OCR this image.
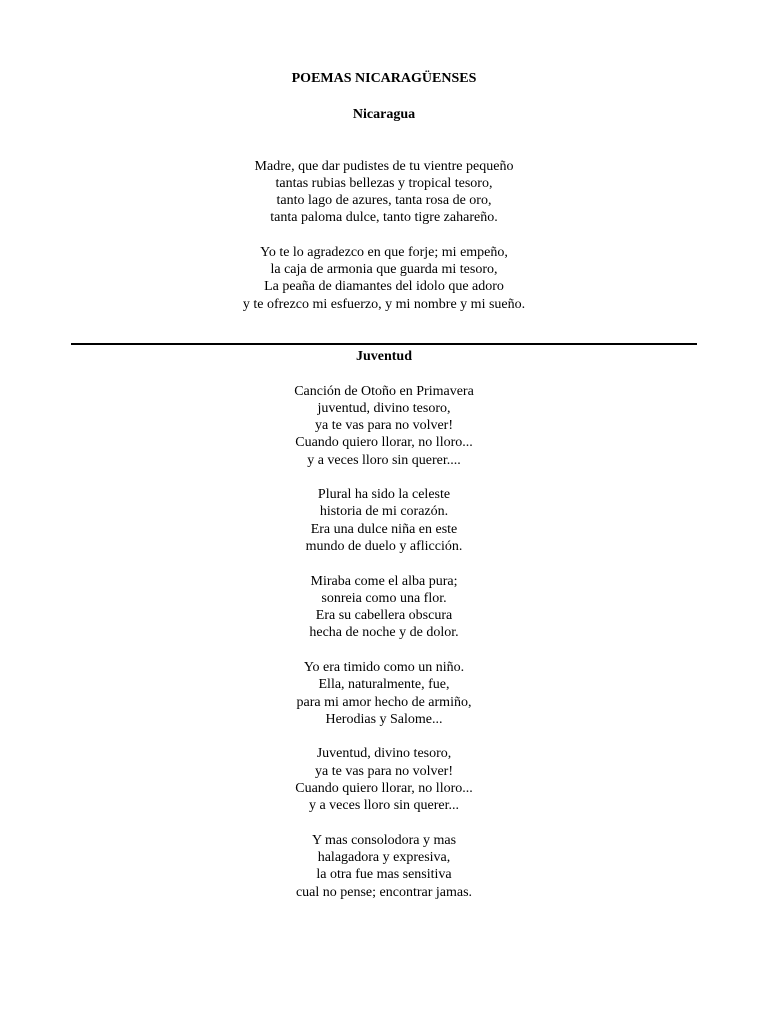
POEMAS NICARAGÜENSES
Nicaragua
Madre, que dar pudistes de tu vientre pequeño
tantas rubias bellezas y tropical tesoro,
tanto lago de azures, tanta rosa de oro,
tanta paloma dulce, tanto tigre zahareño.
Yo te lo agradezco en que forje; mi empeño,
la caja de armonia que guarda mi tesoro,
La peaña de diamantes del idolo que adoro
y te ofrezco mi esfuerzo, y mi nombre y mi sueño.
Juventud
Canción de Otoño en Primavera
juventud, divino tesoro,
ya te vas para no volver!
Cuando quiero llorar, no lloro...
y a veces lloro sin querer....
Plural ha sido la celeste
historia de mi corazón.
Era una dulce niña en este
mundo de duelo y aflicción.
Miraba come el alba pura;
sonreia como una flor.
Era su cabellera obscura
hecha de noche y de dolor.
Yo era timido como un niño.
Ella, naturalmente, fue,
para mi amor hecho de armiño,
Herodias y Salome...
Juventud, divino tesoro,
ya te vas para no volver!
Cuando quiero llorar, no lloro...
y a veces lloro sin querer...
Y mas consolodora y mas
halagadora y expresiva,
la otra fue mas sensitiva
cual no pense; encontrar jamas.
